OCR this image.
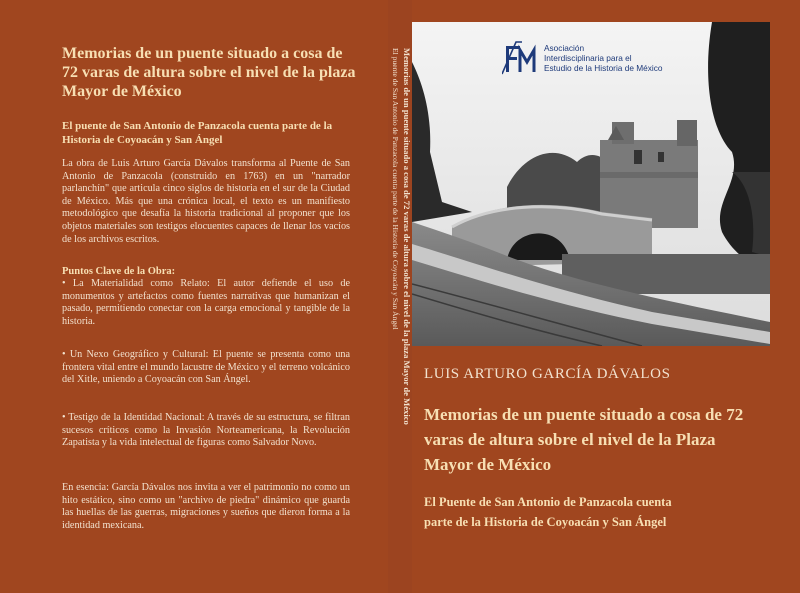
Memorias de un puente situado a cosa de 72 varas de altura sobre el nivel de la plaza Mayor de México

El puente de San Antonio de Panzacola cuenta parte de la Historia de Coyoacán y San Ángel

La obra de Luis Arturo García Dávalos transforma al Puente de San Antonio de Panzacola (construido en 1763) en un "narrador parlanchín" que articula cinco siglos de historia en el sur de la Ciudad de México. Más que una crónica local, el texto es un manifiesto metodológico que desafía la historia tradicional al proponer que los objetos materiales son testigos elocuentes capaces de llenar los vacíos de los archivos escritos.

Puntos Clave de la Obra:

• La Materialidad como Relato: El autor defiende el uso de monumentos y artefactos como fuentes narrativas que humanizan el pasado, permitiendo conectar con la carga emocional y tangible de la historia.

• Un Nexo Geográfico y Cultural: El puente se presenta como una frontera vital entre el mundo lacustre de México y el terreno volcánico del Xitle, uniendo a Coyoacán con San Ángel.

• Testigo de la Identidad Nacional: A través de su estructura, se filtran sucesos críticos como la Invasión Norteamericana, la Revolución Zapatista y la vida intelectual de figuras como Salvador Novo.

En esencia: García Dávalos nos invita a ver el patrimonio no como un hito estático, sino como un "archivo de piedra" dinámico que guarda las huellas de las guerras, migraciones y sueños que dieron forma a la identidad mexicana.

Memorias de un puente situado a cosa de 72 varas de altura sobre el nivel de la plaza Mayor de México
El puente de San Antonio de Panzacola cuenta parte de la Historia de Coyoacán y San Ángel	Asociación
Interdisciplinaria para el
Estudio de la Historia de México

LUIS ARTURO GARCÍA DÁVALOS

Memorias de un puente situado a cosa de 72 varas de altura sobre el nivel de la Plaza Mayor de México

El Puente de San Antonio de Panzacola cuenta
parte de la Historia de Coyoacán y San Ángel
